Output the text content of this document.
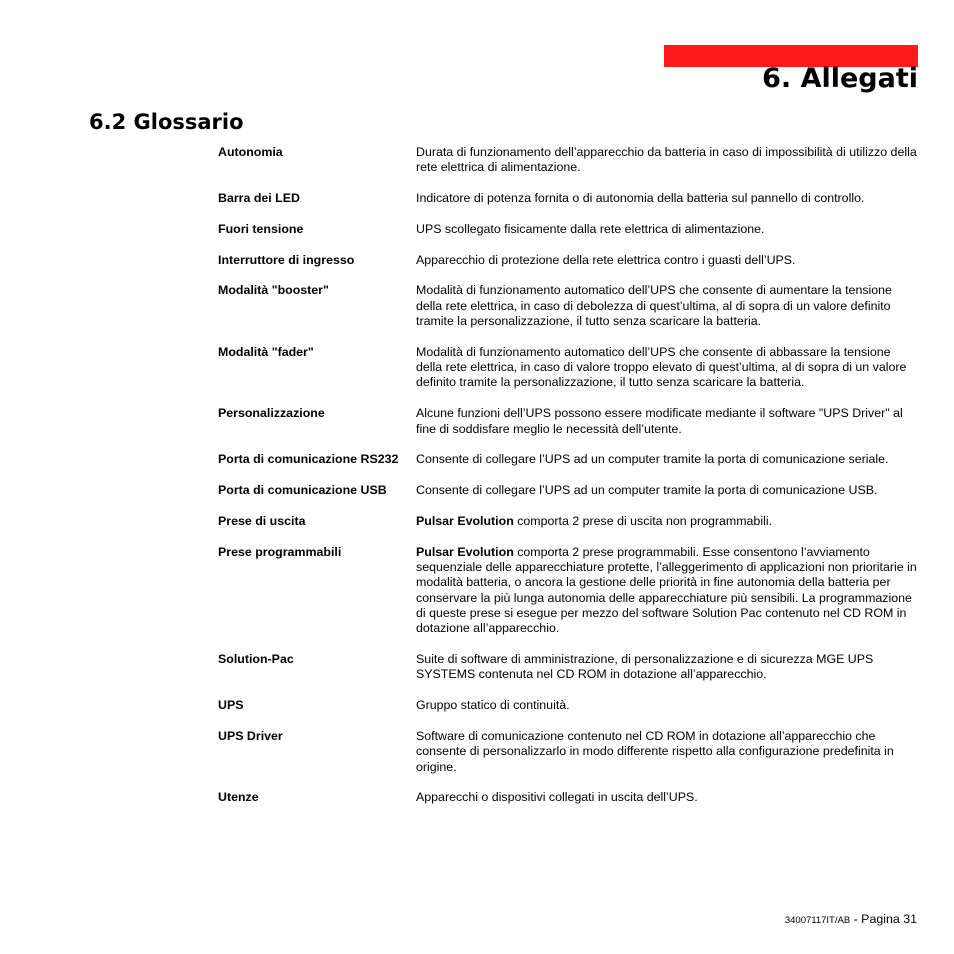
6. Allegati
6.2 Glossario
Autonomia	Durata di funzionamento dell’apparecchio da batteria in caso di impossibilità di utilizzo della rete elettrica di alimentazione.
Barra dei LED	Indicatore di potenza fornita o di autonomia della batteria sul pannello di controllo.
Fuori tensione	UPS scollegato fisicamente dalla rete elettrica di alimentazione.
Interruttore di ingresso	Apparecchio di protezione della rete elettrica contro i guasti dell’UPS.
Modalità "booster"	Modalità di funzionamento automatico dell’UPS che consente di aumentare la tensione della rete elettrica, in caso di debolezza di quest’ultima, al di sopra di un valore definito tramite la personalizzazione, il tutto senza scaricare la batteria.
Modalità "fader"	Modalità di funzionamento automatico dell’UPS che consente di abbassare la tensione della rete elettrica, in caso di valore troppo elevato di quest’ultima, al di sopra di un valore definito tramite la personalizzazione, il tutto senza scaricare la batteria.
Personalizzazione	Alcune funzioni dell’UPS possono essere modificate mediante il software "UPS Driver" al fine di soddisfare meglio le necessità dell’utente.
Porta di comunicazione RS232	Consente di collegare l’UPS ad un computer tramite la porta di comunicazione seriale.
Porta di comunicazione USB	Consente di collegare l’UPS ad un computer tramite la porta di comunicazione USB.
Prese di uscita	Pulsar Evolution comporta 2 prese di uscita non programmabili.
Prese programmabili	Pulsar Evolution comporta 2 prese programmabili. Esse consentono l’avviamento sequenziale delle apparecchiature protette, l’alleggerimento di applicazioni non prioritarie in modalità batteria, o ancora la gestione delle priorità in fine autonomia della batteria per conservare la più lunga autonomia delle apparecchiature più sensibili. La programmazione di queste prese si esegue per mezzo del software Solution Pac contenuto nel CD ROM in dotazione all’apparecchio.
Solution-Pac	Suite di software di amministrazione, di personalizzazione e di sicurezza MGE UPS SYSTEMS contenuta nel CD ROM in dotazione all’apparecchio.
UPS	Gruppo statico di continuità.
UPS Driver	Software di comunicazione contenuto nel CD ROM in dotazione all’apparecchio che consente di personalizzarlo in modo differente rispetto alla configurazione predefinita in origine.
Utenze	Apparecchi o dispositivi collegati in uscita dell’UPS.
34007117IT/AB - Pagina 31
